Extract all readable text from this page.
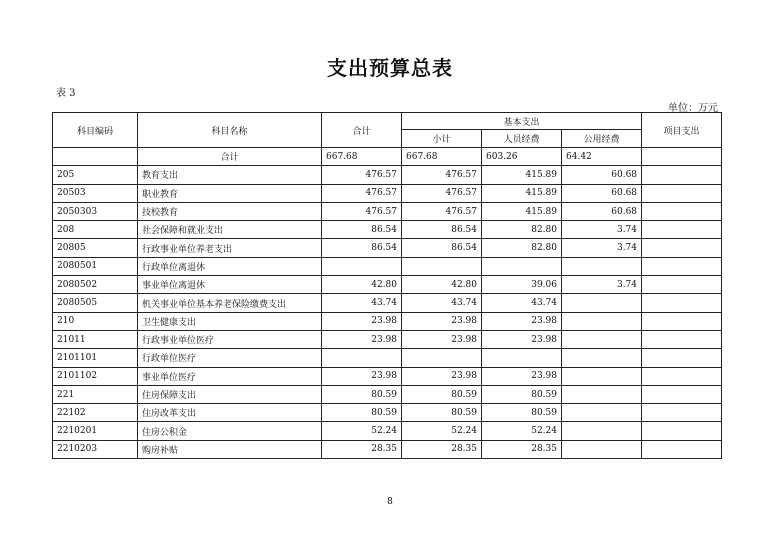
支出预算总表
表 3
单位：万元
科目编码	科目名称	合计	基本支出			项目支出
			小计	人员经费	公用经费	
	合计	667.68	667.68	603.26	64.42	
205	教育支出	476.57	476.57	415.89	60.68	
20503	职业教育	476.57	476.57	415.89	60.68	
2050303	技校教育	476.57	476.57	415.89	60.68	
208	社会保障和就业支出	86.54	86.54	82.80	3.74	
20805	行政事业单位养老支出	86.54	86.54	82.80	3.74	
2080501	行政单位离退休					
2080502	事业单位离退休	42.80	42.80	39.06	3.74	
2080505	机关事业单位基本养老保险缴费支出	43.74	43.74	43.74		
210	卫生健康支出	23.98	23.98	23.98		
21011	行政事业单位医疗	23.98	23.98	23.98		
2101101	行政单位医疗					
2101102	事业单位医疗	23.98	23.98	23.98		
221	住房保障支出	80.59	80.59	80.59		
22102	住房改革支出	80.59	80.59	80.59		
2210201	住房公积金	52.24	52.24	52.24		
2210203	购房补贴	28.35	28.35	28.35		
8
